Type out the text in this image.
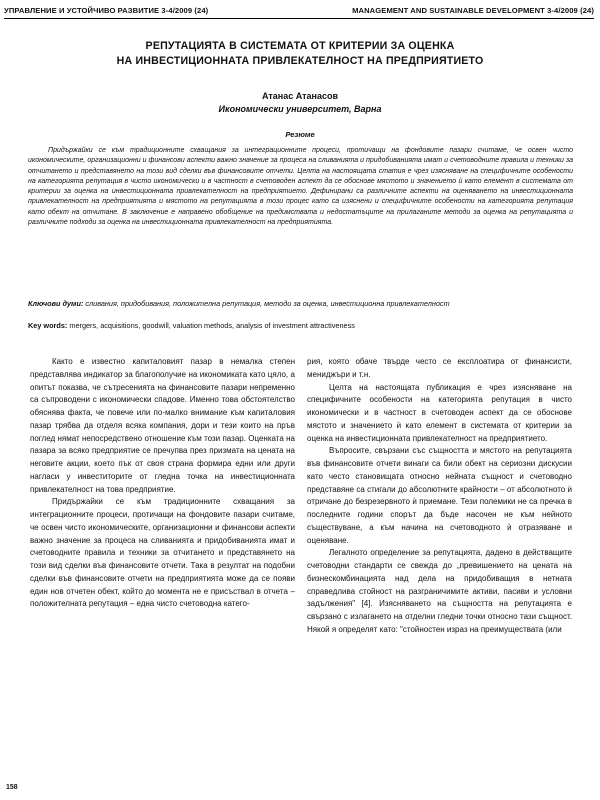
УПРАВЛЕНИЕ И УСТОЙЧИВО РАЗВИТИЕ 3-4/2009 (24)	MANAGEMENT AND SUSTAINABLE DEVELOPMENT 3-4/2009 (24)
РЕПУТАЦИЯТА В СИСТЕМАТА ОТ КРИТЕРИИ ЗА ОЦЕНКА
НА ИНВЕСТИЦИОННАТА ПРИВЛЕКАТЕЛНОСТ НА ПРЕДПРИЯТИЕТО
Атанас Атанасов
Икономически университет, Варна
Резюме

Придържайки се към традиционните схващания за интеграционните процеси, протичащи на фондовите пазари считаме, че освен чисто икономическите, организационни и финансови аспекти важно значение за процеса на сливанията и придобиванията имат и счетоводните правила и техники за отчитането и представянето на този вид сделки във финансовите отчети. Целта на настоящата статия е чрез изясняване на специфичните особености на категорията репутация в чисто икономически и в частност в счетоводен аспект да се обоснове мястото и значението ѝ като елемент в системата от критерии за оценка на инвестиционната привлекателност на предприятието. Дефинирани са различните аспекти на оценяването на инвестиционната привлекателност на предприятията и мястото на репутацията в този процес като са изяснени и специфичните особености на категорията репутация като обект на отчитане. В заключение е направено обобщение на предимствата и недостатъците на прилаганите методи за оценка на репутацията и различните подходи за оценка на инвестиционната привлекателност на предприятията.

Ключови думи: сливания, придобивания, положителна репутация, методи за оценка, инвестиционна привлекателност

Key words: mergers, acquisitions, goodwill, valuation methods, analysis of investment attractiveness

Както е известно капиталовият пазар в немалка степен представлява индикатор за благополучие на икономиката като цяло, а опитът показва, че сътресенията на финансовите пазари непременно са съпроводени с икономически спадове. Именно това обстоятелство обяснява факта, че повече или по-малко внимание към капиталовия пазар трябва да отделя всяка компания, дори и тези които на пръв поглед нямат непосредствено отношение към този пазар. Оценката на пазара за всяко предприятие се пречупва през призмата на цената на неговите акции, което пък от своя страна формира едни или други нагласи у инвеститорите от гледна точка на инвестиционната привлекателност на това предприятие.

Придържайки се към традиционните схващания за интеграционните процеси, протичащи на фондовите пазари считаме, че освен чисто икономическите, организационни и финансови аспекти важно значение за процеса на сливанията и придобиванията имат и счетоводните правила и техники за отчитането и представянето на този вид сделки във финансовите отчети. Така в резултат на подобни сделки във финансовите отчети на предприятията може да се появи един нов отчетен обект, който до момента не е присъствал в отчета – положителната репутация – една чисто счетоводна катего-

рия, която обаче твърде често се експлоатира от финансисти, мениджъри и т.н.

Целта на настоящата публикация е чрез изясняване на специфичните особености на категорията репутация в чисто икономически и в частност в счетоводен аспект да се обоснове мястото и значението ѝ като елемент в системата от критерии за оценка на инвестиционната привлекателност на предприятието.

Въпросите, свързани със същността и мястото на репутацията във финансовите отчети винаги са били обект на сериозни дискусии като често становищата относно нейната същност и счетоводно представяне са стигали до абсолютните крайности – от абсолютното ѝ отричане до безрезервното ѝ приемане. Тези полемики не са пречка в последните години спорът да бъде насочен не към нейното съществуване, а към начина на счетоводното ѝ отразяване и оценяване.

Легалното определение за репутацията, дадено в действащите счетоводни стандарти се свежда до „превишението на цената на бизнескомбинацията над дела на придобиващия в нетната справедлива стойност на разграничимите активи, пасиви и условни задължения" [4]. Изясняването на същността на репутацията е свързано с излагането на отделни гледни точки относно тази същност. Някой я определят като: "стойностен израз на преимуществата (или

158
